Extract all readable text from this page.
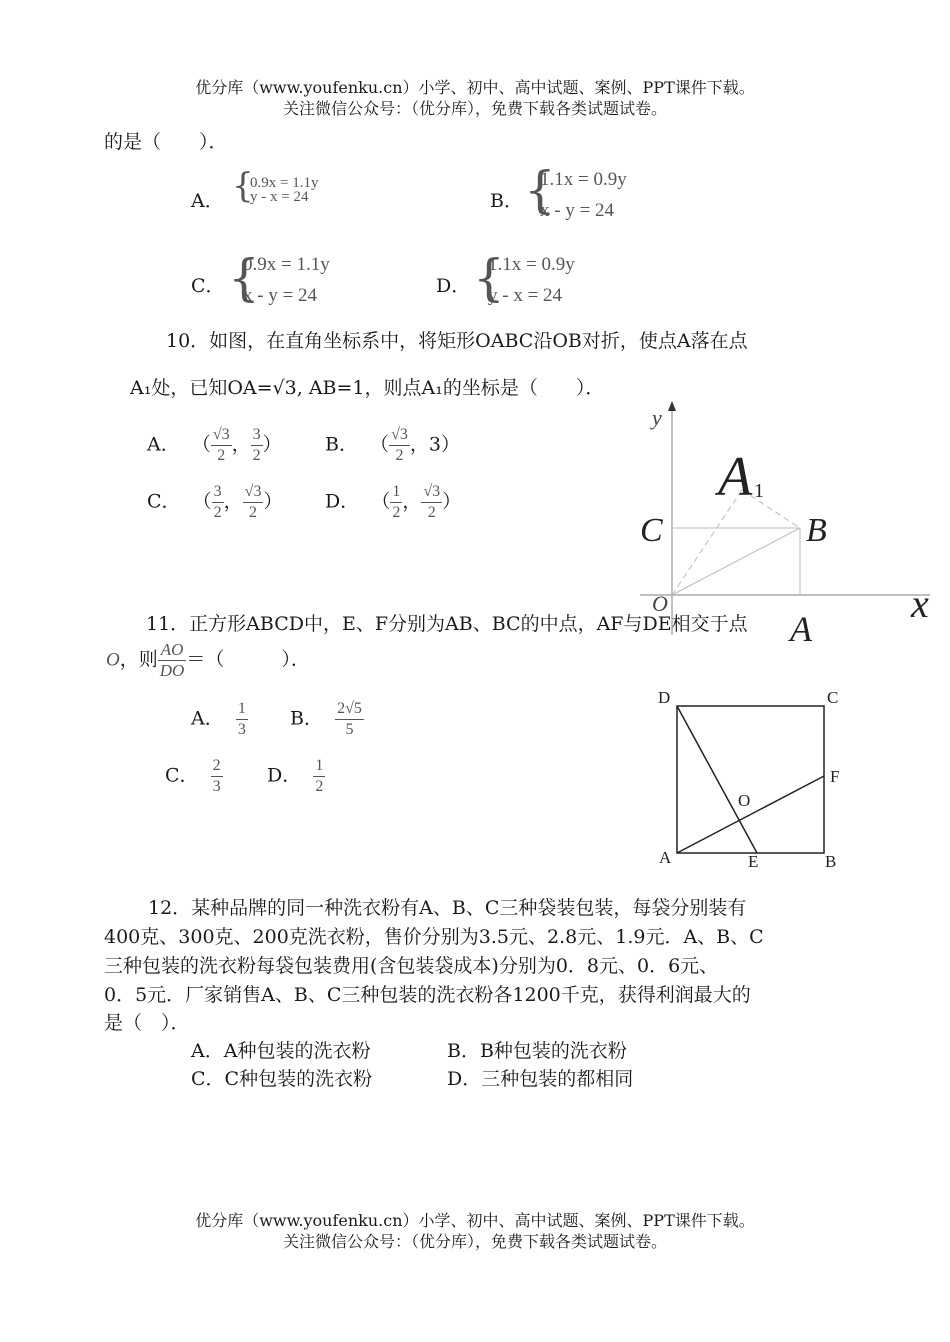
优分库（www.youfenku.cn）小学、初中、高中试题、案例、PPT课件下载。
关注微信公众号：（优分库），免费下载各类试题试卷。
的是（　　）．
A． {
0.9x = 1.1y
y - x = 24	B． {
1.1x = 0.9y
x - y = 24
C． {
0.9x = 1.1y
x - y = 24	D． {
1.1x = 0.9y
y - x = 24
10．如图，在直角坐标系中，将矩形OABC沿OB对折，使点A落在点
A₁处，已知OA=√3, AB=1，则点A₁的坐标是（　　）．
A．  （ $\frac{√3}{2}$ ， $\frac{3}{2}$ ） B．  （ $\frac{√3}{2}$ ，3）
C．  （ $\frac{3}{2}$ ， $\frac{√3}{2}$ ） D．  （ $\frac{1}{2}$ ， $\frac{√3}{2}$ ）
y
A 1
C	B
O	x
A
11．正方形ABCD中，E、F分别为AB、BC的中点，AF与DE相交于点
O，则 $\frac{AO}{DO}$ ＝（　　　）．
A． $\frac{1}{3}$ B． $\frac{2√5}{5}$
C． $\frac{2}{3}$ D． $\frac{1}{2}$
D	C
F
O
A	E	B
12．某种品牌的同一种洗衣粉有A、B、C三种袋装包装，每袋分别装有
400克、300克、200克洗衣粉，售价分别为3.5元、2.8元、1.9元．A、B、C
三种包装的洗衣粉每袋包装费用(含包装袋成本)分别为0．8元、0．6元、
0．5元．厂家销售A、B、C三种包装的洗衣粉各1200千克，获得利润最大的
是（　）．
A．A种包装的洗衣粉	B．B种包装的洗衣粉
C．C种包装的洗衣粉	D．三种包装的都相同
优分库（www.youfenku.cn）小学、初中、高中试题、案例、PPT课件下载。
关注微信公众号：（优分库），免费下载各类试题试卷。
